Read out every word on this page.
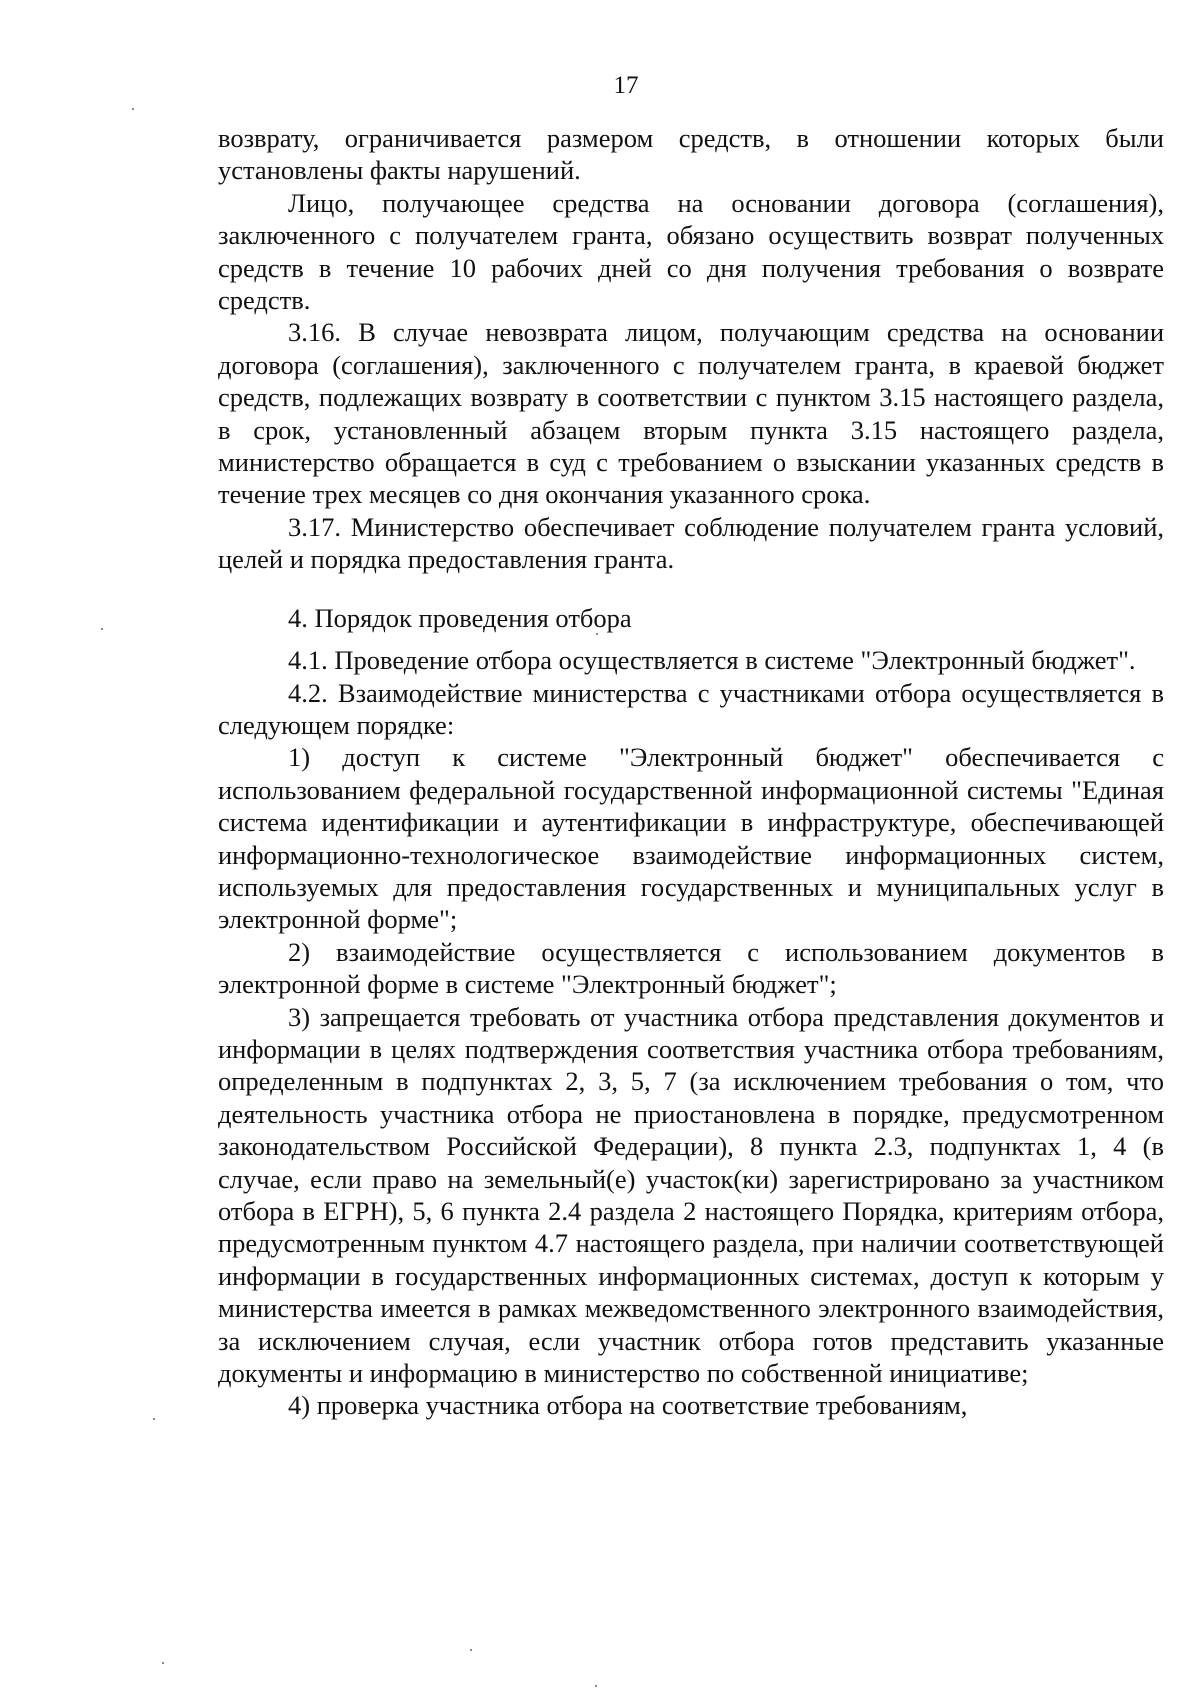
17

возврату, ограничивается размером средств, в отношении которых были установлены факты нарушений.

Лицо, получающее средства на основании договора (соглашения), заключенного с получателем гранта, обязано осуществить возврат полученных средств в течение 10 рабочих дней со дня получения требования о возврате средств.

3.16. В случае невозврата лицом, получающим средства на основании договора (соглашения), заключенного с получателем гранта, в краевой бюджет средств, подлежащих возврату в соответствии с пунктом 3.15 настоящего раздела, в срок, установленный абзацем вторым пункта 3.15 настоящего раздела, министерство обращается в суд с требованием о взыскании указанных средств в течение трех месяцев со дня окончания указанного срока.

3.17. Министерство обеспечивает соблюдение получателем гранта условий, целей и порядка предоставления гранта.

4. Порядок проведения отбора

4.1. Проведение отбора осуществляется в системе "Электронный бюджет".

4.2. Взаимодействие министерства с участниками отбора осуществляется в следующем порядке:

1) доступ к системе "Электронный бюджет" обеспечивается с использованием федеральной государственной информационной системы "Единая система идентификации и аутентификации в инфраструктуре, обеспечивающей информационно-технологическое взаимодействие информационных систем, используемых для предоставления государственных и муниципальных услуг в электронной форме";

2) взаимодействие осуществляется с использованием документов в электронной форме в системе "Электронный бюджет";

3) запрещается требовать от участника отбора представления документов и информации в целях подтверждения соответствия участника отбора требованиям, определенным в подпунктах 2, 3, 5, 7 (за исключением требования о том, что деятельность участника отбора не приостановлена в порядке, предусмотренном законодательством Российской Федерации), 8 пункта 2.3, подпунктах 1, 4 (в случае, если право на земельный(е) участок(ки) зарегистрировано за участником отбора в ЕГРН), 5, 6 пункта 2.4 раздела 2 настоящего Порядка, критериям отбора, предусмотренным пунктом 4.7 настоящего раздела, при наличии соответствующей информации в государственных информационных системах, доступ к которым у министерства имеется в рамках межведомственного электронного взаимодействия, за исключением случая, если участник отбора готов представить указанные документы и информацию в министерство по собственной инициативе;

4) проверка участника отбора на соответствие требованиям,
